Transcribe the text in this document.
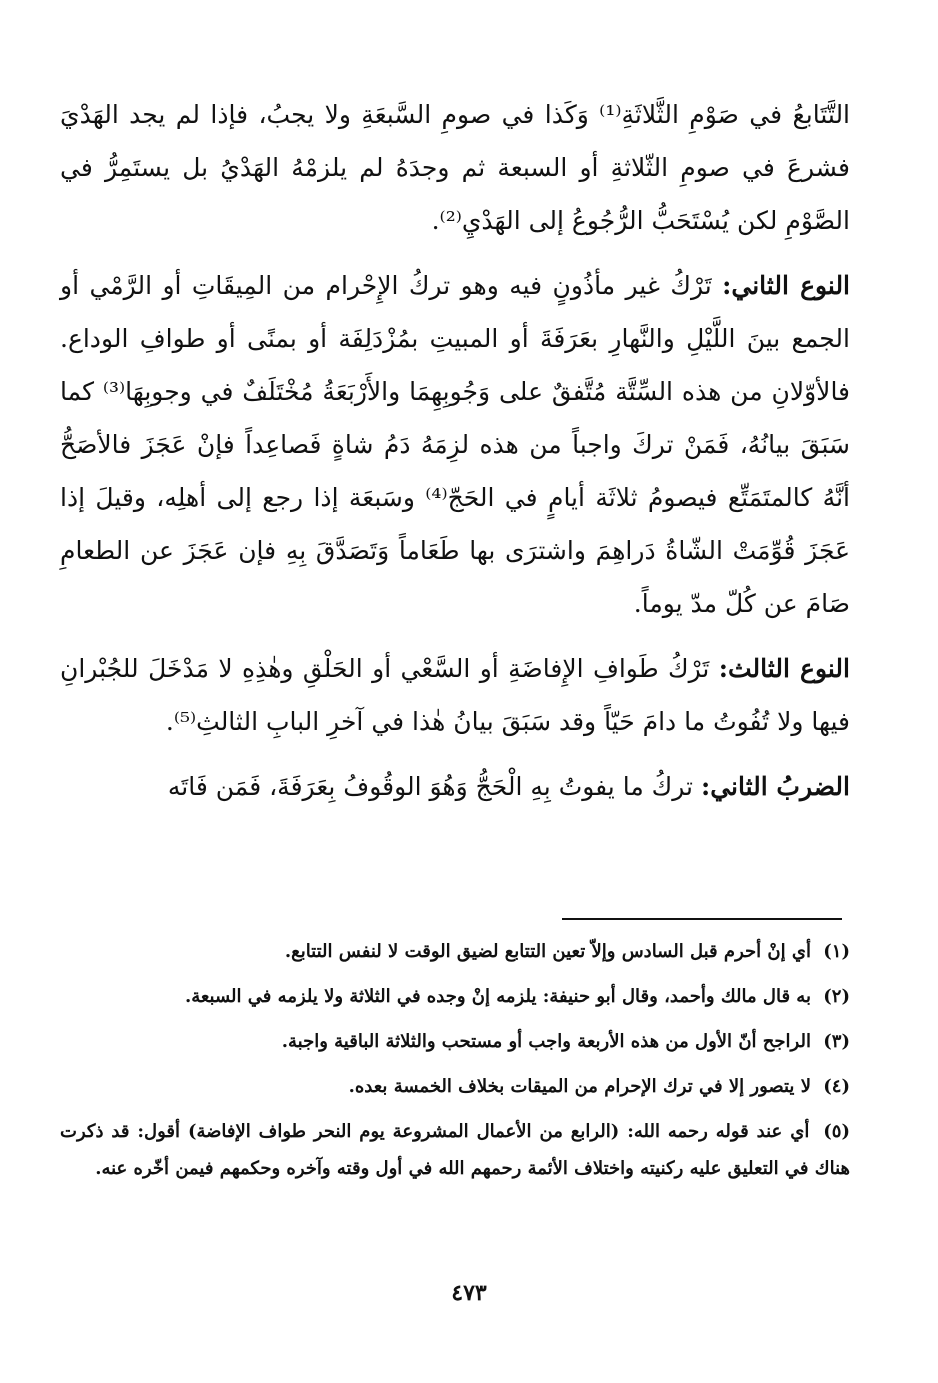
التَّتَابعُ في صَوْمِ الثَّلاثَةِ⁽¹⁾ وَكَذا في صومِ السَّبعَةِ ولا يجبُ، فإذا لم يجد الهَدْيَ فشرعَ في صومِ الثّلاثةِ أو السبعة ثم وجدَهُ لم يلزمْهُ الهَدْيُ بل يستَمِرُّ في الصَّوْمِ لكن يُسْتَحَبُّ الرُّجُوعُ إلى الهَدْيِ⁽²⁾.

النوع الثاني: تَرْكُ غير مأذُونٍ فيه وهو تركُ الإِحْرام من المِيقَاتِ أو الرَّمْي أو الجمع بينَ اللَّيْلِ والنَّهارِ بعَرَفَةَ أو المبيتِ بمُزْدَلِفَة أو بمنًى أو طوافِ الوداع. فالأوّلانِ من هذه السِّتَّة مُتَّفقٌ على وَجُوبِهِمَا والأَرْبَعَةُ مُخْتَلَفٌ في وجوبِهَا⁽³⁾ كما سَبَقَ بيانُهُ، فَمَنْ تركَ واجباً من هذه لزِمَهُ دَمُ شاةٍ فَصاعِداً فإنْ عَجَزَ فالأصَحُّ أنَّهُ كالمتَمَتِّع فيصومُ ثلاثَة أيامٍ في الحَجّ⁽⁴⁾ وسَبعَة إذا رجع إلى أهلِه، وقيلَ إذا عَجَزَ قُوِّمَتْ الشّاةُ دَراهِمَ واشترَى بها طَعَاماً وَتَصَدَّقَ بِهِ فإن عَجَزَ عن الطعامِ صَامَ عن كُلّ مدّ يوماً.

النوع الثالث: تَرْكُ طَوافِ الإِفاضَةِ أو السَّعْي أو الحَلْقِ وهٰذِهِ لا مَدْخَلَ للجُبْرانِ فيها ولا تُفُوتُ ما دامَ حَيّاً وقد سَبَقَ بيانُ هٰذا في آخرِ البابِ الثالثِ⁽⁵⁾.

الضربُ الثاني: تركُ ما يفوتُ بِهِ الْحَجُّ وَهُوَ الوقُوفُ بِعَرَفَةَ، فَمَن فَاتَه

(١) أي إنْ أحرم قبل السادس وإلاّ تعين التتابع لضيق الوقت لا لنفس التتابع.

(٢) به قال مالك وأحمد، وقال أبو حنيفة: يلزمه إنْ وجده في الثلاثة ولا يلزمه في السبعة.

(٣) الراجح أنّ الأول من هذه الأربعة واجب أو مستحب والثلاثة الباقية واجبة.

(٤) لا يتصور إلا في ترك الإحرام من الميقات بخلاف الخمسة بعده.

(٥) أي عند قوله رحمه الله: (الرابع من الأعمال المشروعة يوم النحر طواف الإفاضة) أقول: قد ذكرت هناك في التعليق عليه ركنيته واختلاف الأئمة رحمهم الله في أول وقته وآخره وحكمهم فيمن أخّره عنه.

٤٧٣
